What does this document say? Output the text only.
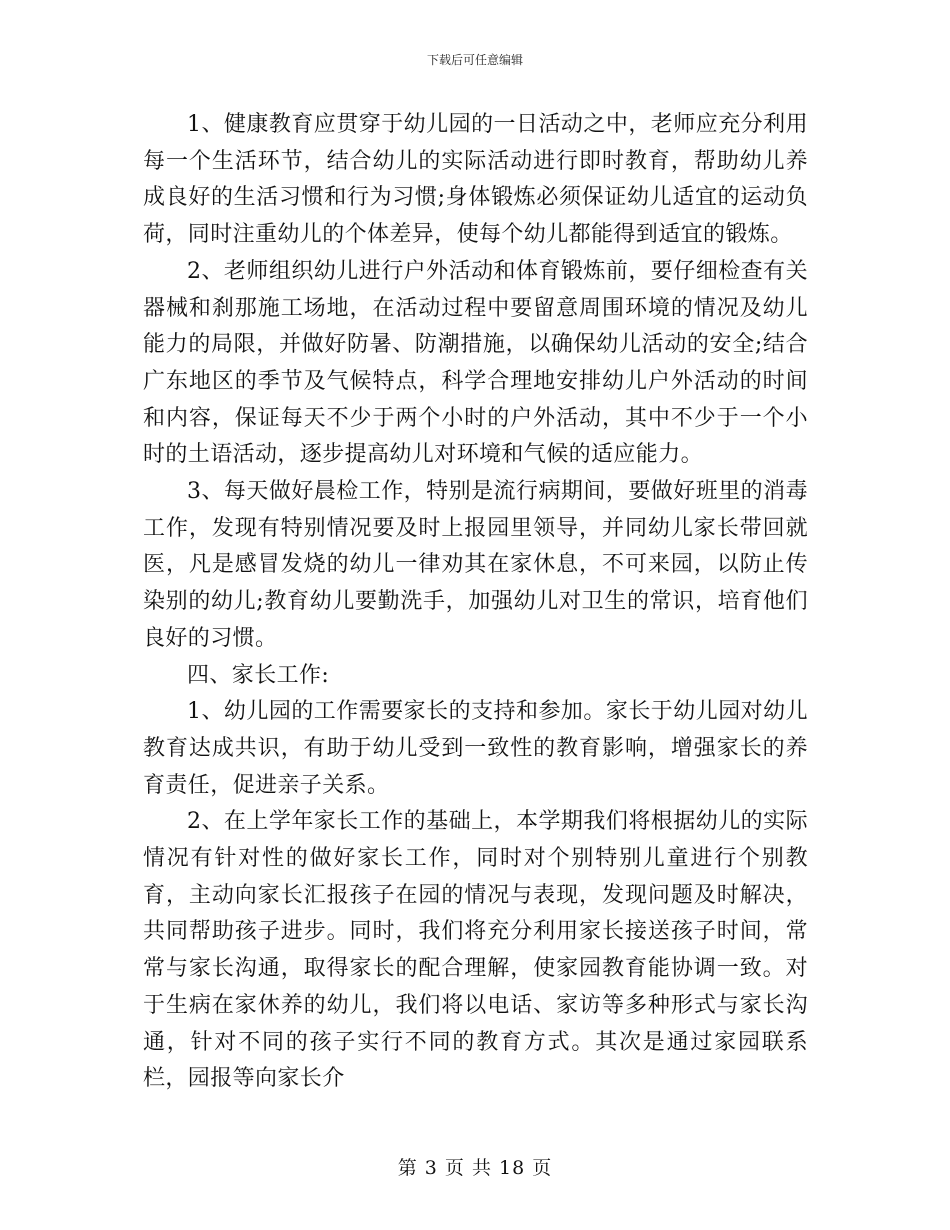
下载后可任意编辑

1、健康教育应贯穿于幼儿园的一日活动之中，老师应充分利用每一个生活环节，结合幼儿的实际活动进行即时教育，帮助幼儿养成良好的生活习惯和行为习惯;身体锻炼必须保证幼儿适宜的运动负荷，同时注重幼儿的个体差异，使每个幼儿都能得到适宜的锻炼。

2、老师组织幼儿进行户外活动和体育锻炼前，要仔细检查有关器械和刹那施工场地，在活动过程中要留意周围环境的情况及幼儿能力的局限，并做好防暑、防潮措施，以确保幼儿活动的安全;结合广东地区的季节及气候特点，科学合理地安排幼儿户外活动的时间和内容，保证每天不少于两个小时的户外活动，其中不少于一个小时的土语活动，逐步提高幼儿对环境和气候的适应能力。

3、每天做好晨检工作，特别是流行病期间，要做好班里的消毒工作，发现有特别情况要及时上报园里领导，并同幼儿家长带回就医，凡是感冒发烧的幼儿一律劝其在家休息，不可来园，以防止传染别的幼儿;教育幼儿要勤洗手，加强幼儿对卫生的常识，培育他们良好的习惯。

四、家长工作:

1、幼儿园的工作需要家长的支持和参加。家长于幼儿园对幼儿教育达成共识，有助于幼儿受到一致性的教育影响，增强家长的养育责任，促进亲子关系。

2、在上学年家长工作的基础上，本学期我们将根据幼儿的实际情况有针对性的做好家长工作，同时对个别特别儿童进行个别教育，主动向家长汇报孩子在园的情况与表现，发现问题及时解决，共同帮助孩子进步。同时，我们将充分利用家长接送孩子时间，常常与家长沟通，取得家长的配合理解，使家园教育能协调一致。对于生病在家休养的幼儿，我们将以电话、家访等多种形式与家长沟通，针对不同的孩子实行不同的教育方式。其次是通过家园联系栏，园报等向家长介

第 3 页 共 18 页
